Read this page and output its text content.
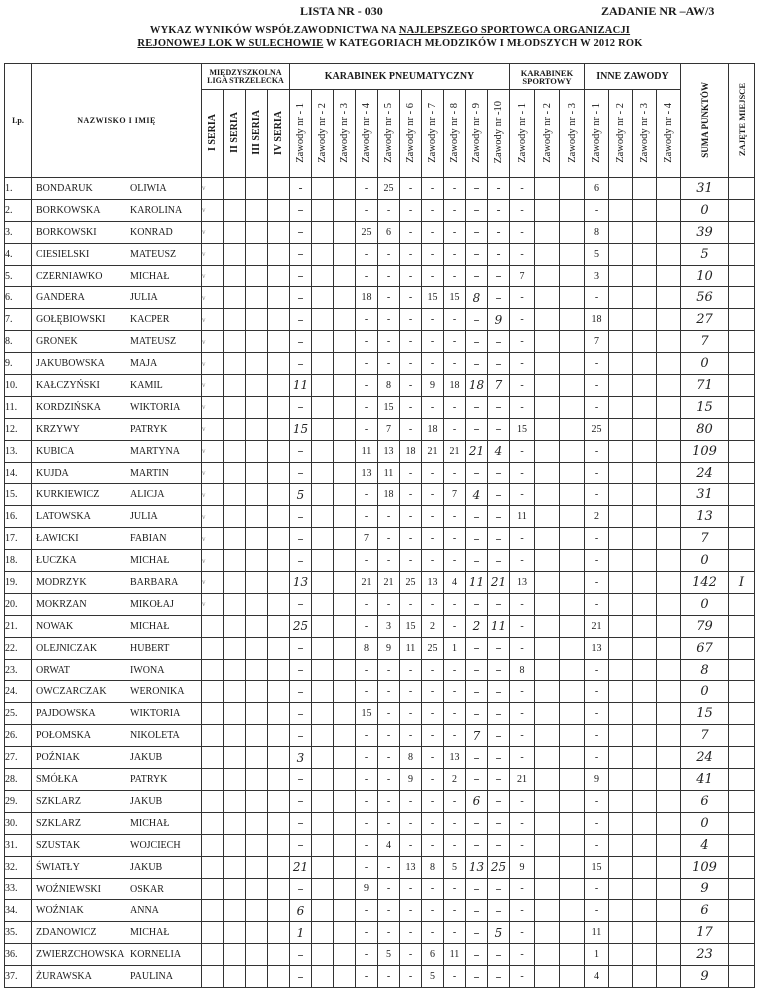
LISTA NR - 030	ZADANIE NR –AW/3
WYKAZ WYNIKÓW WSPÓŁZAWODNICTWA NA NAJLEPSZEGO SPORTOWCA ORGANIZACJI
REJONOWEJ LOK W SULECHOWIE W KATEGORIACH MŁODZIKÓW I MŁODSZYCH W 2012 ROK
Lp.	NAZWISKO I IMIĘ	MIĘDZYSZKOLNA LIGA STRZELECKA				KARABINEK PNEUMATYCZNY										KARABINEK SPORTOWY			INNE ZAWODY				SUMA PUNKTÓW	ZAJĘTE MIEJSCE
		I SERIA	II SERIA	III SERIA	IV SERIA	Zawody nr - 1	Zawody nr - 2	Zawody nr - 3	Zawody nr - 4	Zawody nr - 5	Zawody nr - 6	Zawody nr - 7	Zawody nr - 8	Zawody nr - 9	Zawody nr -10	Zawody nr - 1	Zawody nr - 2	Zawody nr - 3	Zawody nr - 1	Zawody nr - 2	Zawody nr - 3	Zawody nr - 4		
1.	BONDARUK OLIWIA	v				-			-	25	-	-	-	–	-	-			6				31	
2.	BORKOWSKA KAROLINA	v				–			-	-	-	-	-	–	-	-			-				0	
3.	BORKOWSKI KONRAD	v				–			25	6	-	-	-	–	-	-			8				39	
4.	CIESIELSKI MATEUSZ	v				–			-	-	-	-	-	–	-	-			5				5	
5.	CZERNIAWKO MICHAŁ	v				–			-	-	-	-	-	–	–	7			3				10	
6.	GANDERA JULIA	v				–			18	-	-	15	15	8	–	-			-				56	
7.	GOŁĘBIOWSKI KACPER	v				–			-	-	-	-	-	–	9	-			18				27	
8.	GRONEK MATEUSZ	v				–			-	-	-	-	-	–	–	-			7				7	
9.	JAKUBOWSKA MAJA	v				–			-	-	-	-	-	–	–	-			-				0	
10.	KAŁCZYŃSKI KAMIL	v				11			-	8	-	9	18	18	7	-			-				71	
11.	KORDZIŃSKA WIKTORIA	v				–			-	15	-	-	-	–	–	-			-				15	
12.	KRZYWY PATRYK	v				15			-	7	-	18	-	–	–	15			25				80	
13.	KUBICA MARTYNA	v				–			11	13	18	21	21	21	4	-			-				109	
14.	KUJDA MARTIN	v				–			13	11	-	-	-	–	–	-			-				24	
15.	KURKIEWICZ ALICJA	v				5			-	18	-	-	7	4	–	-			-				31	
16.	LATOWSKA JULIA	v				–			-	-	-	-	-	–	–	11			2				13	
17.	ŁAWICKI FABIAN	v				–			7	-	-	-	-	–	–	-			-				7	
18.	ŁUCZKA MICHAŁ	v				–			-	-	-	-	-	–	–	-			-				0	
19.	MODRZYK BARBARA	v				13			21	21	25	13	4	11	21	13			-				142	I
20.	MOKRZAN MIKOŁAJ	v				–			-	-	-	-	-	–	–	-			-				0	
21.	NOWAK MICHAŁ					25			-	3	15	2	-	2	11	-			21				79	
22.	OLEJNICZAK HUBERT					–			8	9	11	25	1	–	–	-			13				67	
23.	ORWAT IWONA					–			-	-	-	-	-	–	–	8			-				8	
24.	OWCZARCZAK WERONIKA					–			-	-	-	-	-	–	–	-			-				0	
25.	PAJDOWSKA WIKTORIA					–			15	-	-	-	-	–	–	-			-				15	
26.	POŁOMSKA NIKOLETA					–			-	-	-	-	-	7	–	-			-				7	
27.	POŹNIAK JAKUB					3			-	-	8	-	13	–	–	-			-				24	
28.	SMÓŁKA PATRYK					–			-	-	9	-	2	–	–	21			9				41	
29.	SZKLARZ JAKUB					–			-	-	-	-	-	6	–	-			-				6	
30.	SZKLARZ MICHAŁ					–			-	-	-	-	-	–	–	-			-				0	
31.	SZUSTAK WOJCIECH					–			-	4	-	-	-	–	–	-			-				4	
32.	ŚWIATŁY JAKUB					21			-	-	13	8	5	13	25	9			15				109	
33.	WOŹNIEWSKI OSKAR					–			9	-	-	-	-	–	–	-			-				9	
34.	WOŹNIAK ANNA					6			-	-	-	-	-	–	–	-			-				6	
35.	ZDANOWICZ MICHAŁ					1			-	-	-	-	-	–	5	-			11				17	
36.	ZWIERZCHOWSKA KORNELIA					–			-	5	-	6	11	–	–	-			1				23	
37.	ŻURAWSKA PAULINA					–			-	-	-	5	-	–	–	-			4				9	
